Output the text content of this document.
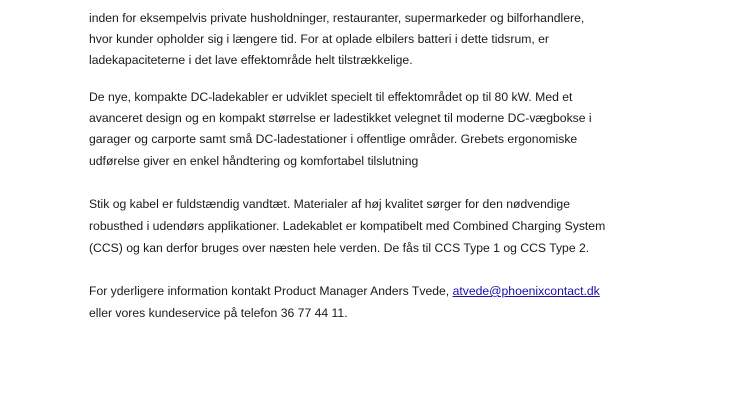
inden for eksempelvis private husholdninger, restauranter, supermarkeder og bilforhandlere,
hvor kunder opholder sig i længere tid. For at oplade elbilers batteri i dette tidsrum, er
ladekapaciteterne i det lave effektområde helt tilstrækkelige.
De nye, kompakte DC-ladekabler er udviklet specielt til effektområdet op til 80 kW. Med et
avanceret design og en kompakt størrelse er ladestikket velegnet til moderne DC-vægbokse i
garager og carporte samt små DC-ladestationer i offentlige områder. Grebets ergonomiske
udførelse giver en enkel håndtering og komfortabel tilslutning
Stik og kabel er fuldstændig vandtæt. Materialer af høj kvalitet sørger for den nødvendige
robusthed i udendørs applikationer. Ladekablet er kompatibelt med Combined Charging System
(CCS) og kan derfor bruges over næsten hele verden. De fås til CCS Type 1 og CCS Type 2.
For yderligere information kontakt Product Manager Anders Tvede, atvede@phoenixcontact.dk
eller vores kundeservice på telefon 36 77 44 11.
